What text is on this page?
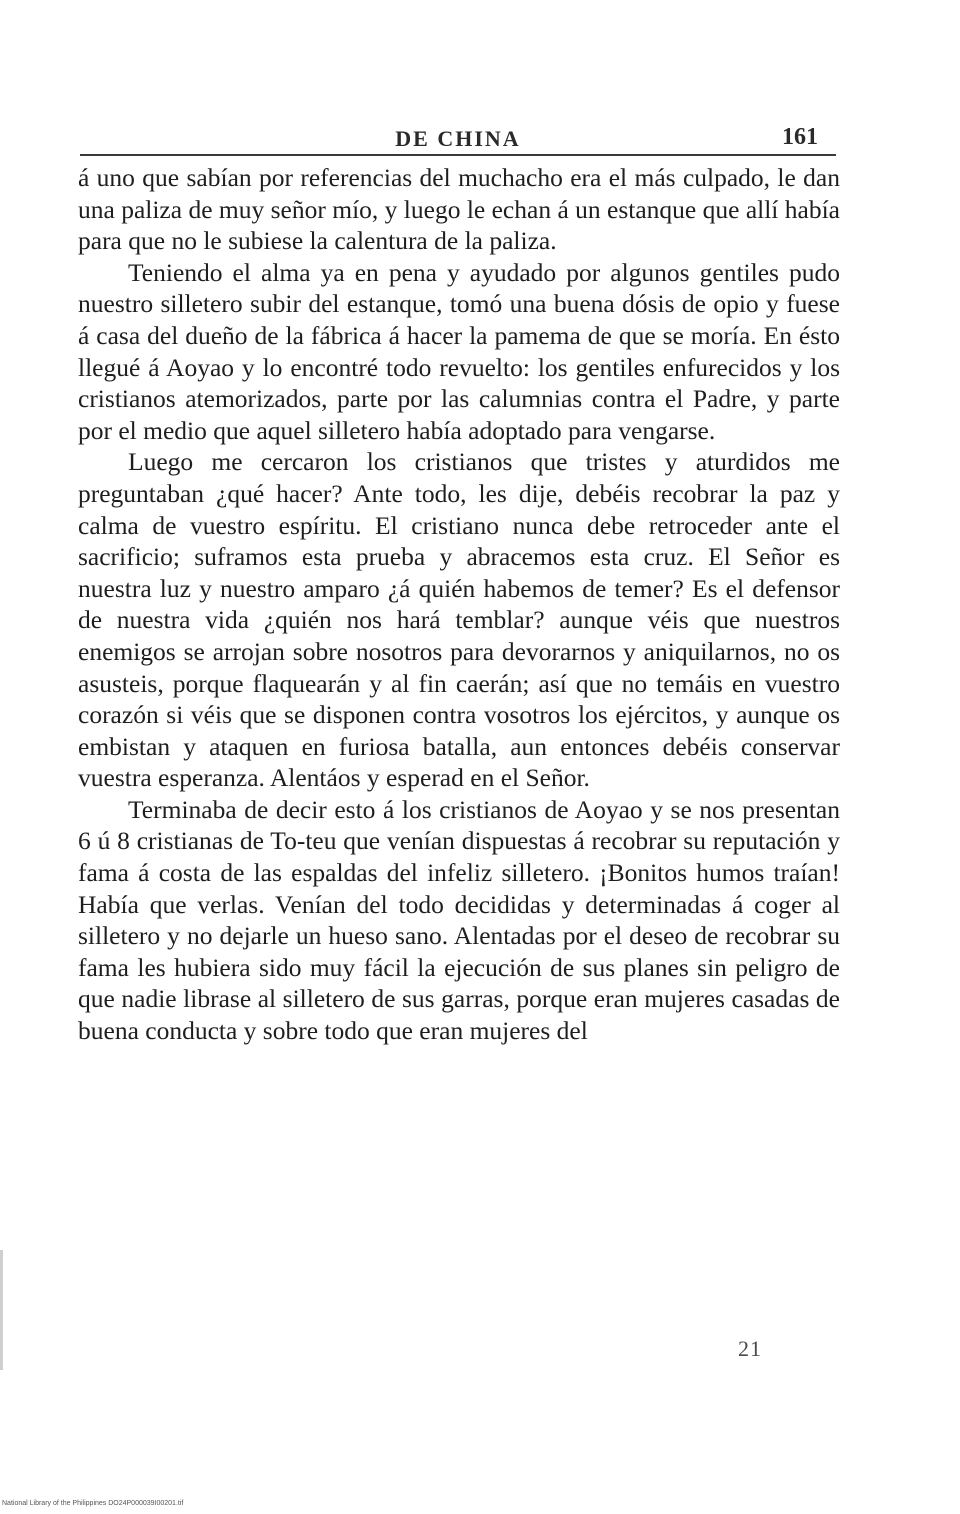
DE CHINA	161

á uno que sabían por referencias del muchacho era el más culpado, le dan una paliza de muy señor mío, y luego le echan á un estanque que allí había para que no le subiese la calentura de la paliza.

Teniendo el alma ya en pena y ayudado por algunos gentiles pudo nuestro silletero subir del estanque, tomó una buena dósis de opio y fuese á casa del dueño de la fábrica á hacer la pamema de que se moría. En ésto llegué á Aoyao y lo encontré todo revuelto: los gentiles enfurecidos y los cristianos atemorizados, parte por las calumnias contra el Padre, y parte por el medio que aquel silletero había adoptado para vengarse.

Luego me cercaron los cristianos que tristes y aturdidos me preguntaban ¿qué hacer? Ante todo, les dije, debéis recobrar la paz y calma de vuestro espíritu. El cristiano nunca debe retroceder ante el sacrificio; suframos esta prueba y abracemos esta cruz. El Señor es nuestra luz y nuestro amparo ¿á quién habemos de temer? Es el defensor de nuestra vida ¿quién nos hará temblar? aunque véis que nuestros enemigos se arrojan sobre nosotros para devorarnos y aniquilarnos, no os asusteis, porque flaquearán y al fin caerán; así que no temáis en vuestro corazón si véis que se disponen contra vosotros los ejércitos, y aunque os embistan y ataquen en furiosa batalla, aun entonces debéis conservar vuestra esperanza. Alentáos y esperad en el Señor.

Terminaba de decir esto á los cristianos de Aoyao y se nos presentan 6 ú 8 cristianas de To-teu que venían dispuestas á recobrar su reputación y fama á costa de las espaldas del infeliz silletero. ¡Bonitos humos traían! Había que verlas. Venían del todo decididas y determinadas á coger al silletero y no dejarle un hueso sano. Alentadas por el deseo de recobrar su fama les hubiera sido muy fácil la ejecución de sus planes sin peligro de que nadie librase al silletero de sus garras, porque eran mujeres casadas de buena conducta y sobre todo que eran mujeres del

21
National Library of the Philippines DO24P000039I00201.tif
